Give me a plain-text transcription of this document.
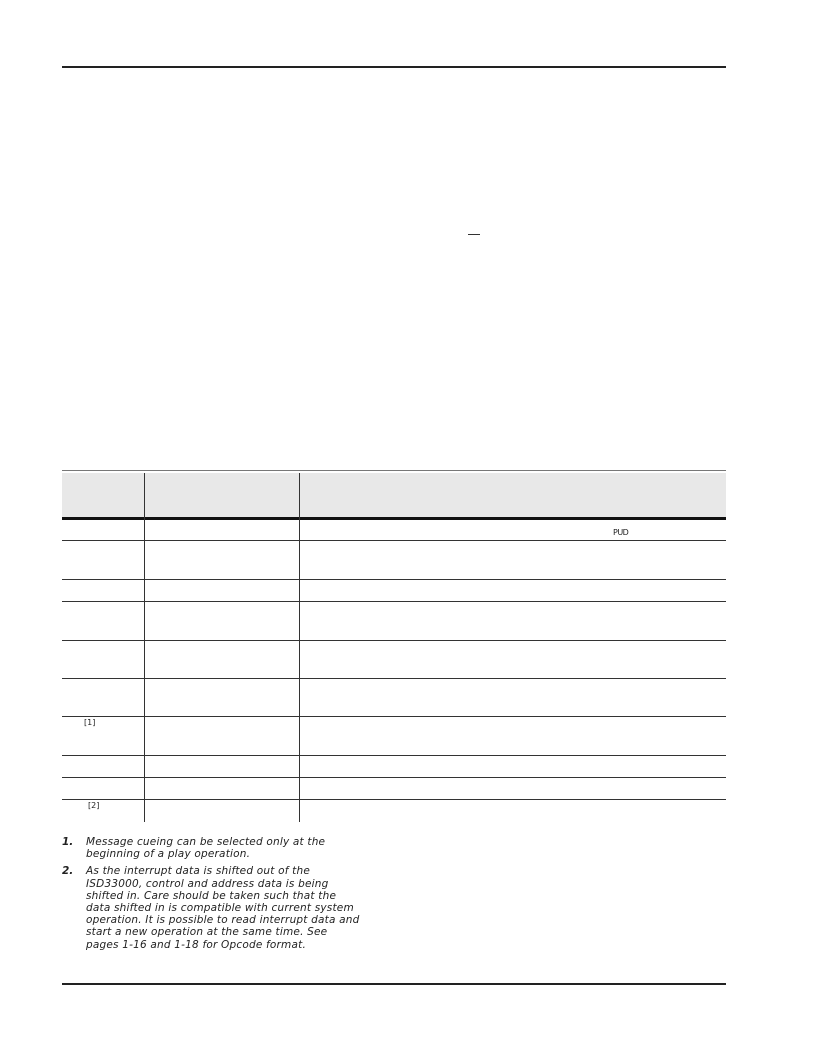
PUD
[1]
[2]
1. Message cueing can be selected only at the
beginning of a play operation.
2. As the interrupt data is shifted out of the
ISD33000, control and address data is being
shifted in. Care should be taken such that the
data shifted in is compatible with current system
operation. It is possible to read interrupt data and
start a new operation at the same time. See
pages 1-16 and 1-18 for Opcode format.
